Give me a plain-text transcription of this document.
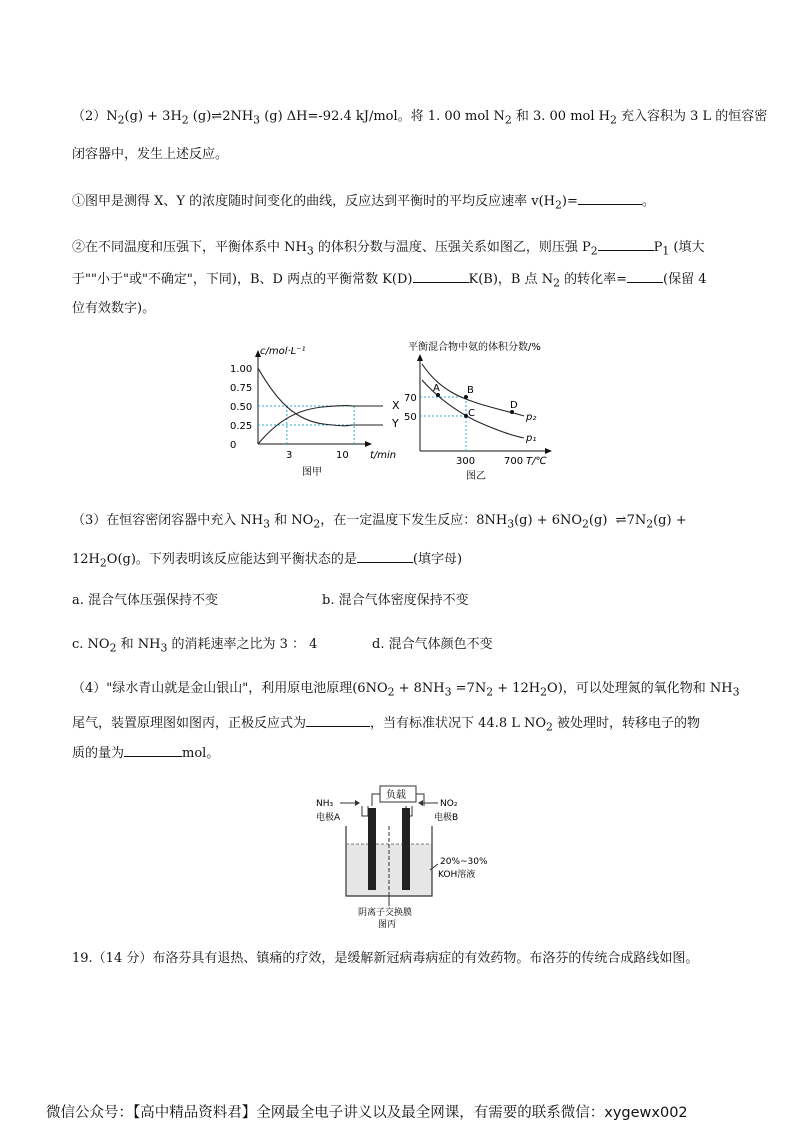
$(2)N_2(g) + 3H_2$ $(g)\rightleftharpoons 2NH_3$ (g) ΔH=-92.4 kJ/mol。将 1. 00 mol $N_2$ 和 3. 00 mol $H_2$ 充入容积为 3 L 的恒容密
闭容器中，发生上述反应。
①图甲是测得 X、Y 的浓度随时间变化的曲线，反应达到平衡时的平均反应速率 $v(H_2)=$	。
②在不同温度和压强下，平衡体系中 $NH_3$ 的体积分数与温度、压强关系如图乙，则压强 $P_2$	$P_1$ (填大
于""小于"或"不确定"，下同)，B、D 两点的平衡常数 K(D)	K(B)，B 点 $N_2$ 的转化率=	(保留 4
位有效数字)。
c/mol·L⁻¹
1.00
0.75
0.50
0.25
0
3	10 t/min
X
Y
图甲
平衡混合物中氨的体积分数/%
70
50
A	B
C
D
p₂
p₁
300	700 T/℃
图乙
（3）在恒容密闭容器中充入 $NH_3$ 和 $NO_2$，在一定温度下发生反应：$8NH_3(g) + 6NO_2(g)$ $\rightleftharpoons 7N_2(g)$ +
$12H_2O(g)$。下列表明该反应能达到平衡状态的是	(填字母)
a. 混合气体压强保持不变	b. 混合气体密度保持不变
c. $NO_2$ 和 $NH_3$ 的消耗速率之比为 3 ： 4	d. 混合气体颜色不变
（4）"绿水青山就是金山银山"，利用原电池原理$(6NO_2 + 8NH_3 =7N_2 + 12H_2O)$，可以处理氮的氧化物和 $NH_3$
尾气，装置原理图如图丙，正极反应式为	，当有标准状况下 44.8 L $NO_2$ 被处理时，转移电子的物
质的量为	mol。
负载
NH₃
电极A
NO₂
电极B
20%~30%
KOH溶液
阴离子交换膜
图丙
19.（14 分）布洛芬具有退热、镇痛的疗效，是缓解新冠病毒病症的有效药物。布洛芬的传统合成路线如图。
微信公众号：【高中精品资料君】全网最全电子讲义以及最全网课，有需要的联系微信：xygewx002
